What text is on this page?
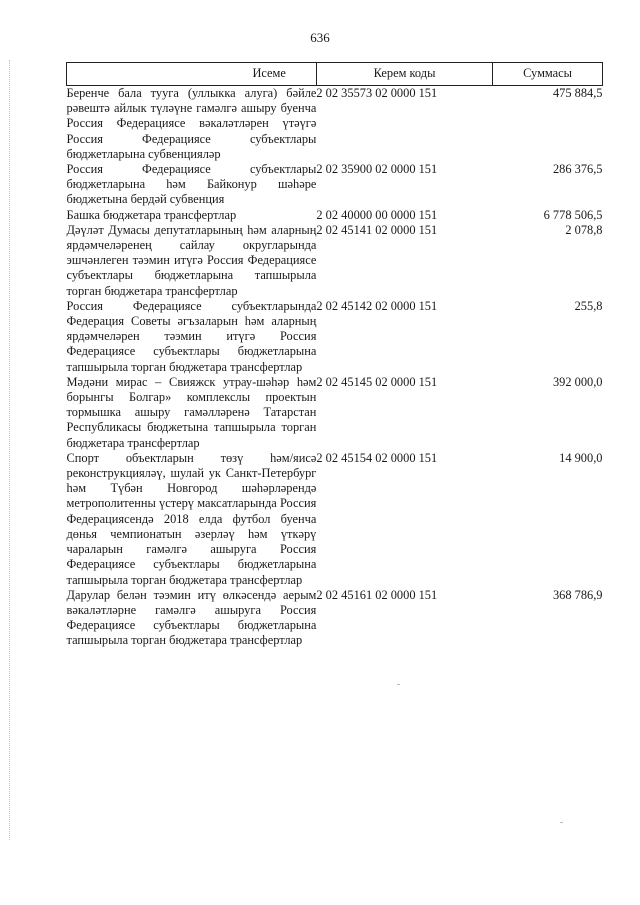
636
Исеме	Керем коды	Суммасы
Беренче бала туугa (уллыкка алуга) бәйле рәвештә айлык түләүне гамәлгә ашыру буенча Россия Федерациясе вәкаләтләрен үтәүгә Россия Федерациясе субъектлары бюджетларына субвенцияләр	2 02 35573 02 0000 151	475 884,5
Россия Федерациясе субъектлары бюджетларына һәм Байконур шәһәре бюджетына бердәй субвенция	2 02 35900 02 0000 151	286 376,5
Башка бюджетара трансфертлар	2 02 40000 00 0000 151	6 778 506,5
Дәүләт Думасы депутатларының һәм аларның ярдәмчеләренең сайлау округларында эшчәнлеген тәэмин итүгә Россия Федерациясе субъектлары бюджетларына тапшырыла торган бюджетара трансфертлар	2 02 45141 02 0000 151	2 078,8
Россия Федерациясе субъектларында Федерация Советы әгъзаларын һәм аларның ярдәмчеләрен тәэмин итүгә Россия Федерациясе субъектлары бюджетларына тапшырыла торган бюджетара трансфертлар	2 02 45142 02 0000 151	255,8
Мәдәни мирас – Свияжск утрау-шәһәр һәм борынгы Болгар» комплекслы проектын тормышка ашыру гамәлләренә Татарстан Республикасы бюджетына тапшырыла торган бюджетара трансфертлар	2 02 45145 02 0000 151	392 000,0
Спорт объектларын төзү һәм/яисә реконструкцияләү, шулай ук Санкт-Петербург һәм Түбән Новгород шәһәрләрендә метрополитенны үстерү максатларында Россия Федерациясендә 2018 елда футбол буенча дөнья чемпионатын әзерләү һәм үткәрү чараларын гамәлгә ашыруга Россия Федерациясе субъектлары бюджетларына тапшырыла торган бюджетара трансфертлар	2 02 45154 02 0000 151	14 900,0
Дарулар белән тәэмин итү өлкәсендә аерым вәкаләтләрне гамәлгә ашыруга Россия Федерациясе субъектлары бюджетларына тапшырыла торган бюджетара трансфертлар	2 02 45161 02 0000 151	368 786,9
